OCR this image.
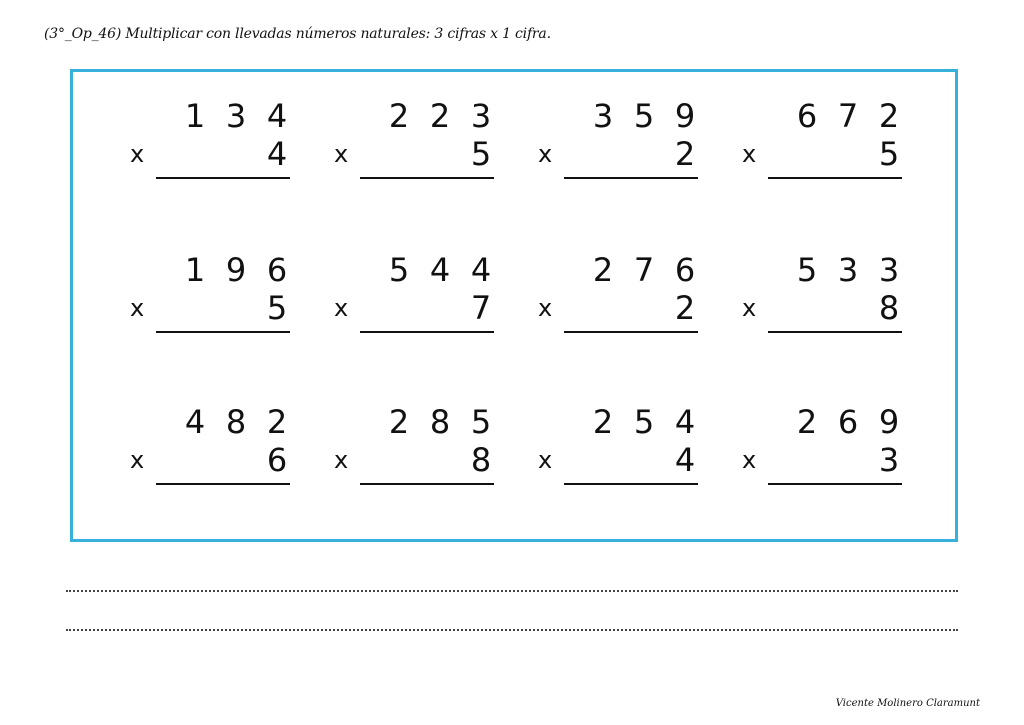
(3°_Op_46) Multiplicar con llevadas números naturales: 3 cifras x 1 cifra.
1 3 4
x	4
2 2 3
x	5
3 5 9
x	2
6 7 2
x	5
1 9 6
x	5
5 4 4
x	7
2 7 6
x	2
5 3 3
x	8
4 8 2
x	6
2 8 5
x	8
2 5 4
x	4
2 6 9
x	3
Vicente Molinero Claramunt
